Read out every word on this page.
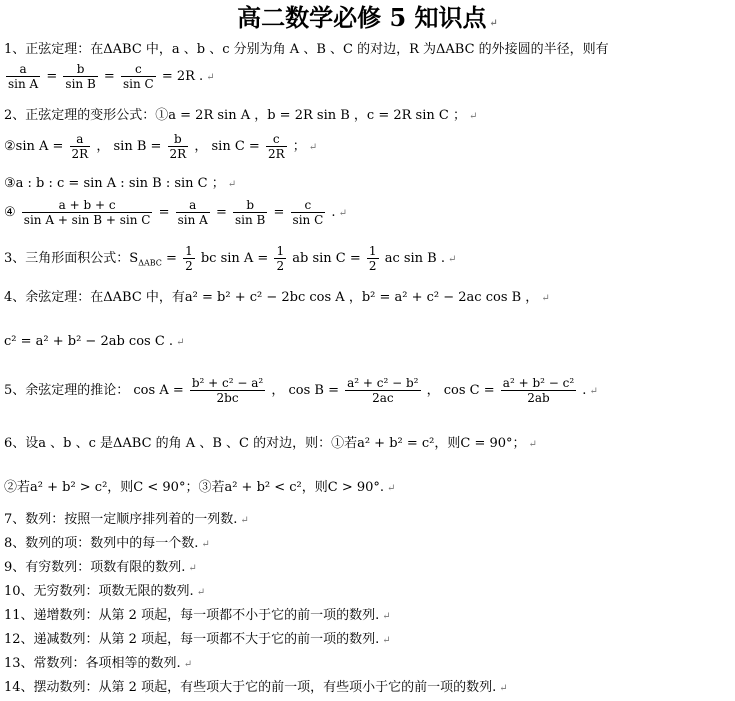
高二数学必修 5 知识点 ↵
1、正弦定理：在ΔABC 中，a 、b 、c 分别为角 A 、B 、C 的对边，R 为ΔABC 的外接圆的半径，则有
$\frac{a}{\text{sin A}} = \frac{b}{\text{sin B}} = \frac{c}{\text{sin C}} = 2R$ . ↵
2、正弦定理的变形公式：①a = 2R sin A ，b = 2R sin B ，c = 2R sin C ； ↵
②sin $A = \frac{a}{2R}$ ， $\sin B = \frac{b}{2R}$ ， $\sin C = \frac{c}{2R}$ ； ↵
③a : b : c = sin A : sin B : sin C ； ↵
④ $\frac{a + b + c}{\text{sin A + sin B + sin C}} = \frac{a}{\text{sin A}} = \frac{b}{\text{sin B}} = \frac{c}{\text{sin C}}$ . ↵
3、三角形面积公式：$S_{\Delta ABC} = \frac{1}{2}$ bc $\sin A = \frac{1}{2}$ ab $\sin C = \frac{1}{2}$ ac sin B . ↵
4、余弦定理：在ΔABC 中，有a² = b² + c² − 2bc cos A ，b² = a² + c² − 2ac cos B ， ↵
c² = a² + b² − 2ab cos C . ↵
5、余弦定理的推论： $\cos A = \frac{\text{b² + c² − a²}}{2bc}$ ， $\cos B = \frac{\text{a² + c² − b²}}{2ac}$ ， $\cos C = \frac{\text{a² + b² − c²}}{2ab}$ . ↵
6、设a 、b 、c 是ΔABC 的角 A 、B 、C 的对边，则：①若a² + b² = c²，则C = 90°； ↵
②若a² + b² > c²，则C < 90°；③若a² + b² < c²，则C > 90°. ↵
7、数列：按照一定顺序排列着的一列数. ↵
8、数列的项：数列中的每一个数. ↵
9、有穷数列：项数有限的数列. ↵
10、无穷数列：项数无限的数列. ↵
11、递增数列：从第 2 项起，每一项都不小于它的前一项的数列. ↵
12、递减数列：从第 2 项起，每一项都不大于它的前一项的数列. ↵
13、常数列：各项相等的数列. ↵
14、摆动数列：从第 2 项起，有些项大于它的前一项，有些项小于它的前一项的数列. ↵
